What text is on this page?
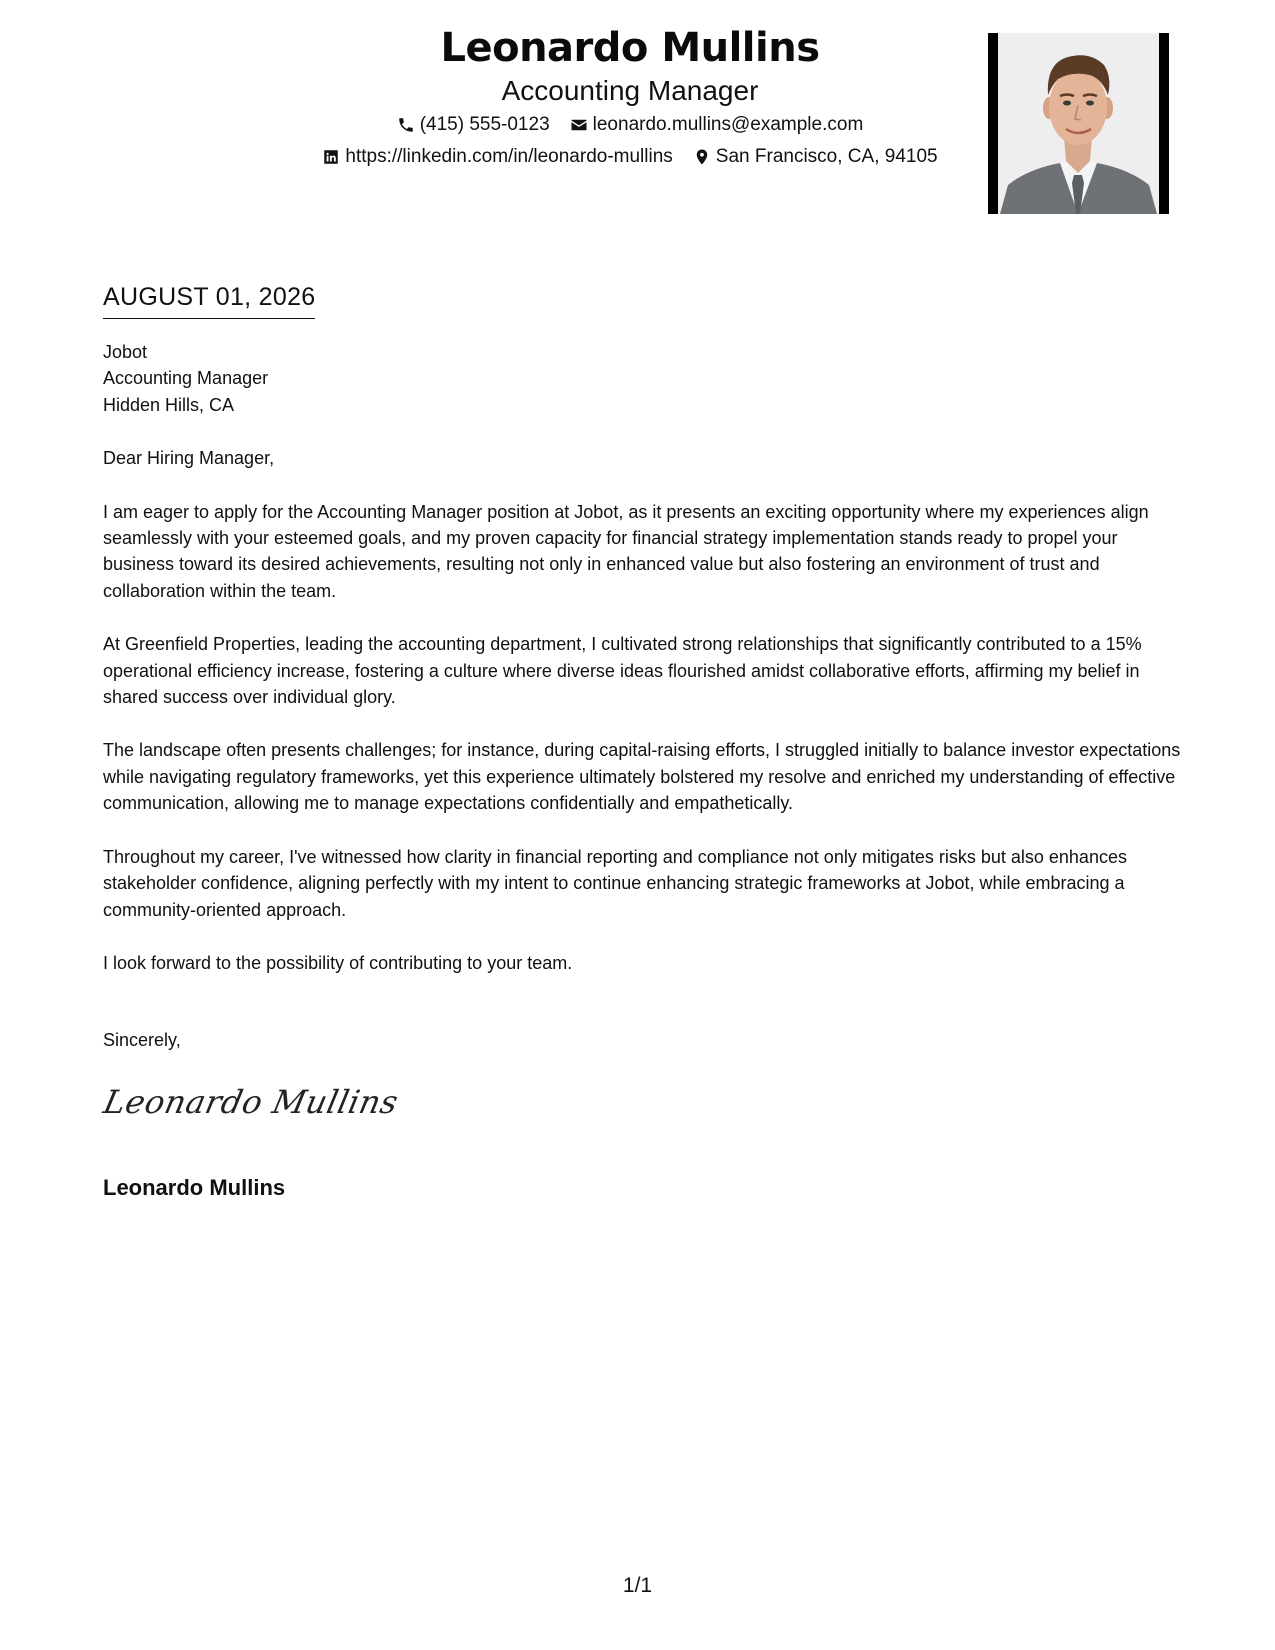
Leonardo Mullins
Accounting Manager
(415) 555-0123 leonardo.mullins@example.com
https://linkedin.com/in/leonardo-mullins San Francisco, CA, 94105
AUGUST 01, 2026
Jobot
Accounting Manager
Hidden Hills, CA
Dear Hiring Manager,

I am eager to apply for the Accounting Manager position at Jobot, as it presents an exciting opportunity where my experiences align seamlessly with your esteemed goals, and my proven capacity for financial strategy implementation stands ready to propel your business toward its desired achievements, resulting not only in enhanced value but also fostering an environment of trust and collaboration within the team.

At Greenfield Properties, leading the accounting department, I cultivated strong relationships that significantly contributed to a 15% operational efficiency increase, fostering a culture where diverse ideas flourished amidst collaborative efforts, affirming my belief in shared success over individual glory.

The landscape often presents challenges; for instance, during capital-raising efforts, I struggled initially to balance investor expectations while navigating regulatory frameworks, yet this experience ultimately bolstered my resolve and enriched my understanding of effective communication, allowing me to manage expectations confidentially and empathetically.

Throughout my career, I've witnessed how clarity in financial reporting and compliance not only mitigates risks but also enhances stakeholder confidence, aligning perfectly with my intent to continue enhancing strategic frameworks at Jobot, while embracing a community-oriented approach.

I look forward to the possibility of contributing to your team.

Sincerely,
Leonardo Mullins
Leonardo Mullins
1/1
